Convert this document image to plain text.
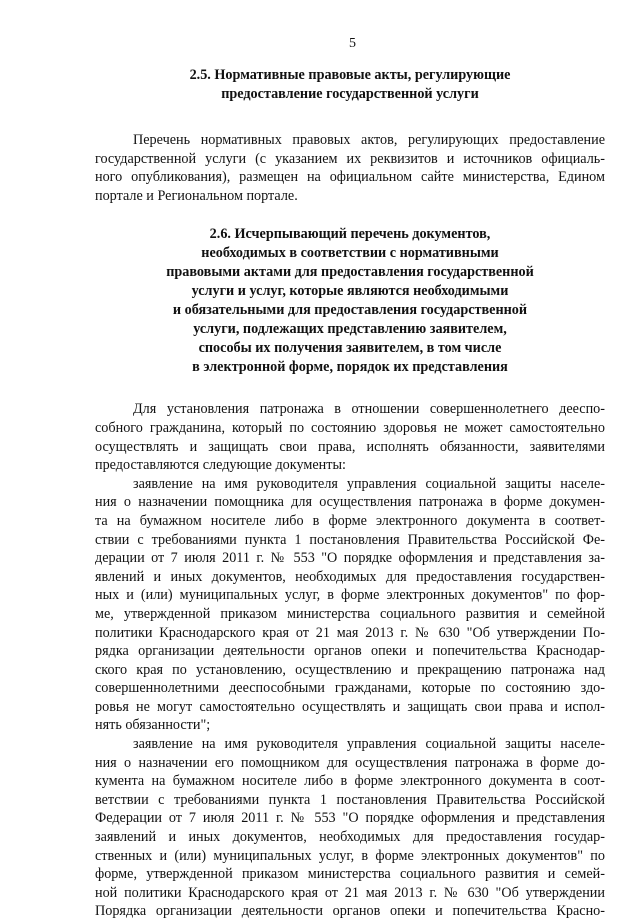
5
2.5. Нормативные правовые акты, регулирующие
предоставление государственной услуги
Перечень нормативных правовых актов, регулирующих предоставление
государственной услуги (с указанием их реквизитов и источников официаль-
ного опубликования), размещен на официальном сайте министерства, Едином
портале и Региональном портале.
2.6. Исчерпывающий перечень документов,
необходимых в соответствии с нормативными
правовыми актами для предоставления государственной
услуги и услуг, которые являются необходимыми
и обязательными для предоставления государственной
услуги, подлежащих представлению заявителем,
способы их получения заявителем, в том числе
в электронной форме, порядок их представления
Для установления патронажа в отношении совершеннолетнего дееспо-
собного гражданина, который по состоянию здоровья не может самостоятельно
осуществлять и защищать свои права, исполнять обязанности, заявителями
предоставляются следующие документы:
заявление на имя руководителя управления социальной защиты населе-
ния о назначении помощника для осуществления патронажа в форме докумен-
та на бумажном носителе либо в форме электронного документа в соответ-
ствии с требованиями пункта 1 постановления Правительства Российской Фе-
дерации от 7 июля 2011 г. № 553 "О порядке оформления и представления за-
явлений и иных документов, необходимых для предоставления государствен-
ных и (или) муниципальных услуг, в форме электронных документов" по фор-
ме, утвержденной приказом министерства социального развития и семейной
политики Краснодарского края от 21 мая 2013 г. № 630 "Об утверждении По-
рядка организации деятельности органов опеки и попечительства Краснодар-
ского края по установлению, осуществлению и прекращению патронажа над
совершеннолетними дееспособными гражданами, которые по состоянию здо-
ровья не могут самостоятельно осуществлять и защищать свои права и испол-
нять обязанности";
заявление на имя руководителя управления социальной защиты населе-
ния о назначении его помощником для осуществления патронажа в форме до-
кумента на бумажном носителе либо в форме электронного документа в соот-
ветствии с требованиями пункта 1 постановления Правительства Российской
Федерации от 7 июля 2011 г. № 553 "О порядке оформления и представления
заявлений и иных документов, необходимых для предоставления государ-
ственных и (или) муниципальных услуг, в форме электронных документов" по
форме, утвержденной приказом министерства социального развития и семей-
ной политики Краснодарского края от 21 мая 2013 г. № 630 "Об утверждении
Порядка организации деятельности органов опеки и попечительства Красно-
